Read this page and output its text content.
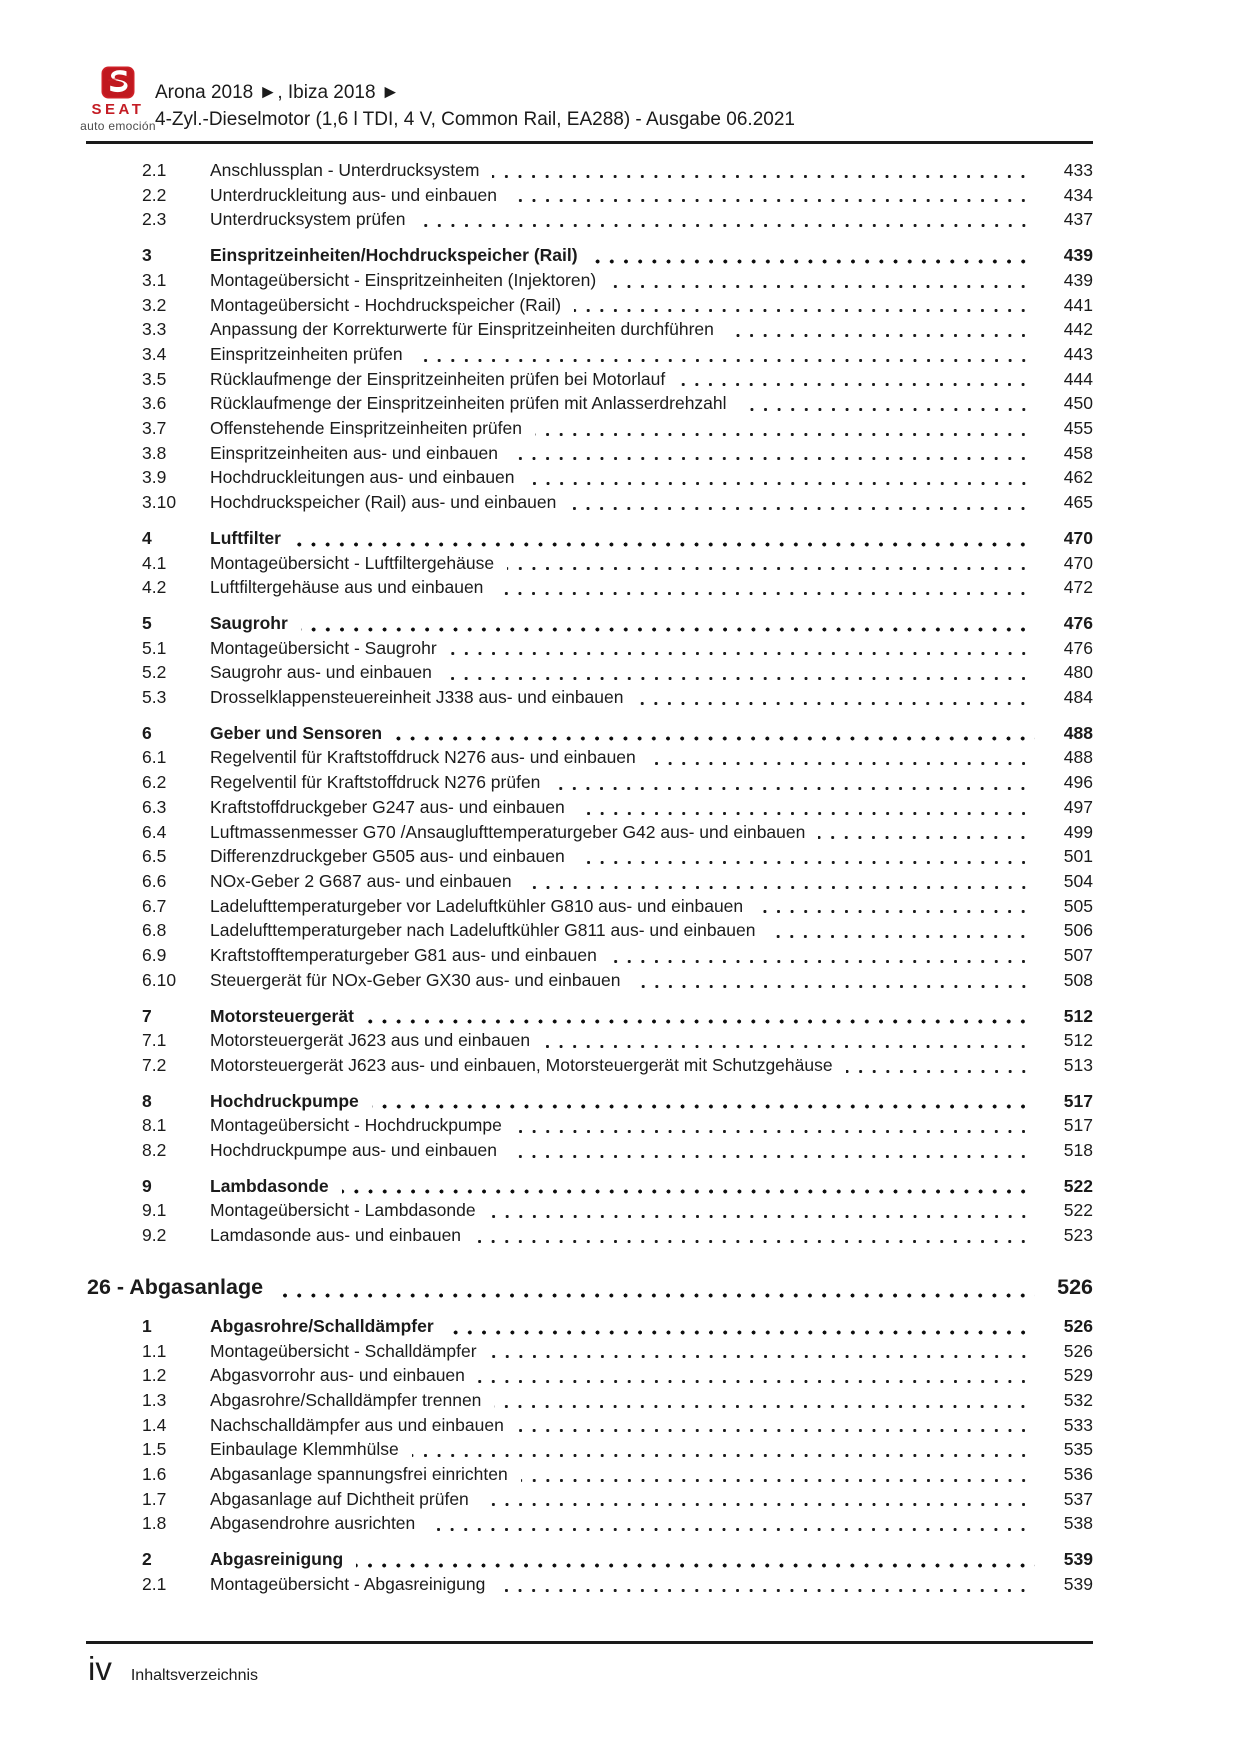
SEAT
auto emoción
Arona 2018 ►, Ibiza 2018 ►
4-Zyl.-Dieselmotor (1,6 l TDI, 4 V, Common Rail, EA288) - Ausgabe 06.2021
2.1	Anschlussplan - Unterdrucksystem	433
2.2	Unterdruckleitung aus- und einbauen	434
2.3	Unterdrucksystem prüfen	437
3	Einspritzeinheiten/Hochdruckspeicher (Rail)	439
3.1	Montageübersicht - Einspritzeinheiten (Injektoren)	439
3.2	Montageübersicht - Hochdruckspeicher (Rail)	441
3.3	Anpassung der Korrekturwerte für Einspritzeinheiten durchführen	442
3.4	Einspritzeinheiten prüfen	443
3.5	Rücklaufmenge der Einspritzeinheiten prüfen bei Motorlauf	444
3.6	Rücklaufmenge der Einspritzeinheiten prüfen mit Anlasserdrehzahl	450
3.7	Offenstehende Einspritzeinheiten prüfen	455
3.8	Einspritzeinheiten aus- und einbauen	458
3.9	Hochdruckleitungen aus- und einbauen	462
3.10	Hochdruckspeicher (Rail) aus- und einbauen	465
4	Luftfilter	470
4.1	Montageübersicht - Luftfiltergehäuse	470
4.2	Luftfiltergehäuse aus und einbauen	472
5	Saugrohr	476
5.1	Montageübersicht - Saugrohr	476
5.2	Saugrohr aus- und einbauen	480
5.3	Drosselklappensteuereinheit J338 aus- und einbauen	484
6	Geber und Sensoren	488
6.1	Regelventil für Kraftstoffdruck N276 aus- und einbauen	488
6.2	Regelventil für Kraftstoffdruck N276 prüfen	496
6.3	Kraftstoffdruckgeber G247 aus- und einbauen	497
6.4	Luftmassenmesser G70 /Ansauglufttemperaturgeber G42 aus- und einbauen	499
6.5	Differenzdruckgeber G505 aus- und einbauen	501
6.6	NOx-Geber 2 G687 aus- und einbauen	504
6.7	Ladelufttemperaturgeber vor Ladeluftkühler G810 aus- und einbauen	505
6.8	Ladelufttemperaturgeber nach Ladeluftkühler G811 aus- und einbauen	506
6.9	Kraftstofftemperaturgeber G81 aus- und einbauen	507
6.10	Steuergerät für NOx-Geber GX30 aus- und einbauen	508
7	Motorsteuergerät	512
7.1	Motorsteuergerät J623 aus und einbauen	512
7.2	Motorsteuergerät J623 aus- und einbauen, Motorsteuergerät mit Schutzgehäuse	513
8	Hochdruckpumpe	517
8.1	Montageübersicht - Hochdruckpumpe	517
8.2	Hochdruckpumpe aus- und einbauen	518
9	Lambdasonde	522
9.1	Montageübersicht - Lambdasonde	522
9.2	Lamdasonde aus- und einbauen	523
26 - Abgasanlage	526
1	Abgasrohre/Schalldämpfer	526
1.1	Montageübersicht - Schalldämpfer	526
1.2	Abgasvorrohr aus- und einbauen	529
1.3	Abgasrohre/Schalldämpfer trennen	532
1.4	Nachschalldämpfer aus und einbauen	533
1.5	Einbaulage Klemmhülse	535
1.6	Abgasanlage spannungsfrei einrichten	536
1.7	Abgasanlage auf Dichtheit prüfen	537
1.8	Abgasendrohre ausrichten	538
2	Abgasreinigung	539
2.1	Montageübersicht - Abgasreinigung	539
iv Inhaltsverzeichnis
